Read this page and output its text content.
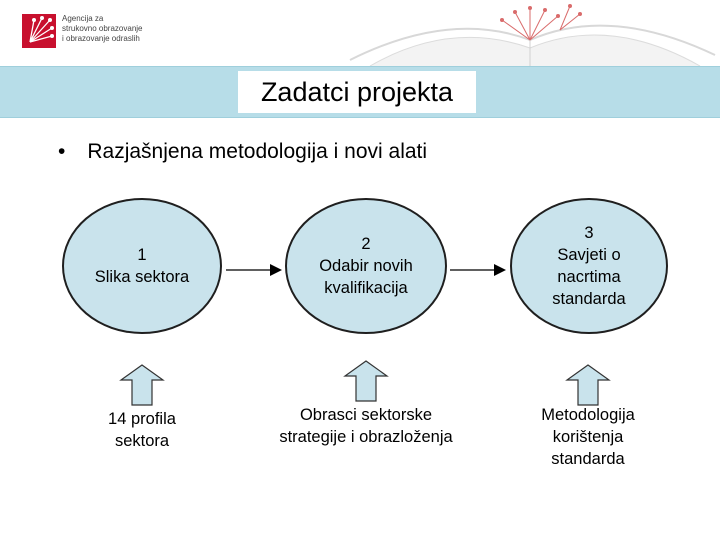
Agencija za
strukovno obrazovanje
i obrazovanje odraslih
Zadatci projekta
• Razjašnjena metodologija i novi alati
1
Slika sektora
2
Odabir novih kvalifikacija
3
Savjeti o nacrtima standarda
14 profila sektora
Obrasci sektorske strategije i obrazloženja
Metodologija korištenja standarda
